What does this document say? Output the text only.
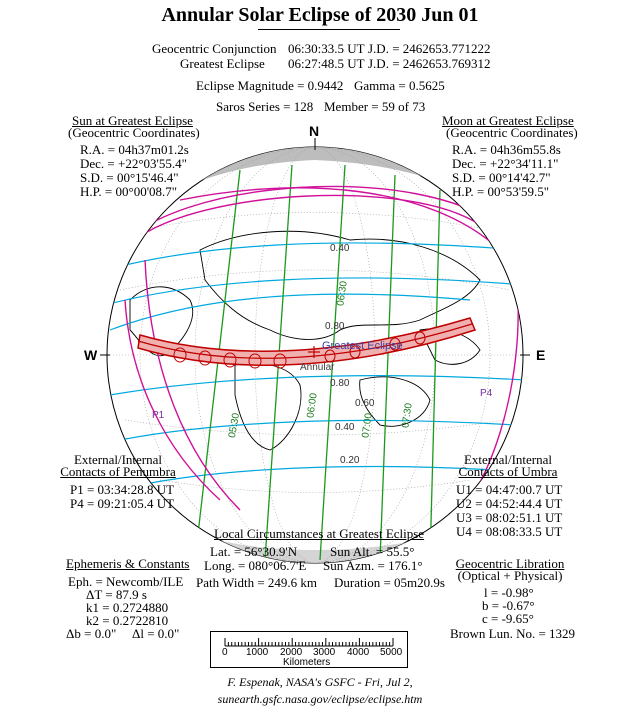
Annular Solar Eclipse of 2030 Jun 01
Geocentric Conjunction 06:30:33.5 UT J.D. = 2462653.771222
Greatest Eclipse 06:27:48.5 UT J.D. = 2462653.769312
Eclipse Magnitude = 0.9442 Gamma = 0.5625
Saros Series = 128 Member = 59 of 73
Sun at Greatest Eclipse
(Geocentric Coordinates)
R.A. = 04h37m01.2s
Dec. = +22°03'55.4"
S.D. = 00°15'46.4"
H.P. = 00°00'08.7"
Moon at Greatest Eclipse
(Geocentric Coordinates)
R.A. = 04h36m55.8s
Dec. = +22°34'11.1"
S.D. = 00°14'42.7"
H.P. = 00°53'59.5"
N
W	E
Greatest Eclipse
Annular
P1
P4
0.40
0.80
0.80
0.60
0.40
0.20
05:30
06:00
06:30
07:00	07:30
External/Internal
Contacts of Penumbra
P1 = 03:34:28.8 UT
P4 = 09:21:05.4 UT
External/Internal
Contacts of Umbra
U1 = 04:47:00.7 UT
U2 = 04:52:44.4 UT
U3 = 08:02:51.1 UT
U4 = 08:08:33.5 UT
Local Circumstances at Greatest Eclipse
Lat. = 56°30.9'N
Long. = 080°06.7'E
Sun Alt. = 55.5°
Sun Azm. = 176.1°
Path Width = 249.6 km Duration = 05m20.9s
Ephemeris & Constants
Eph. = Newcomb/ILE
ΔT = 87.9 s
k1 = 0.2724880
k2 = 0.2722810
Δb = 0.0" Δl = 0.0"
Geocentric Libration
(Optical + Physical)
l = -0.98°
b = -0.67°
c = -9.65°
Brown Lun. No. = 1329
0 1000 2000 3000 4000 5000
Kilometers
F. Espenak, NASA's GSFC - Fri, Jul 2,
sunearth.gsfc.nasa.gov/eclipse/eclipse.htm
